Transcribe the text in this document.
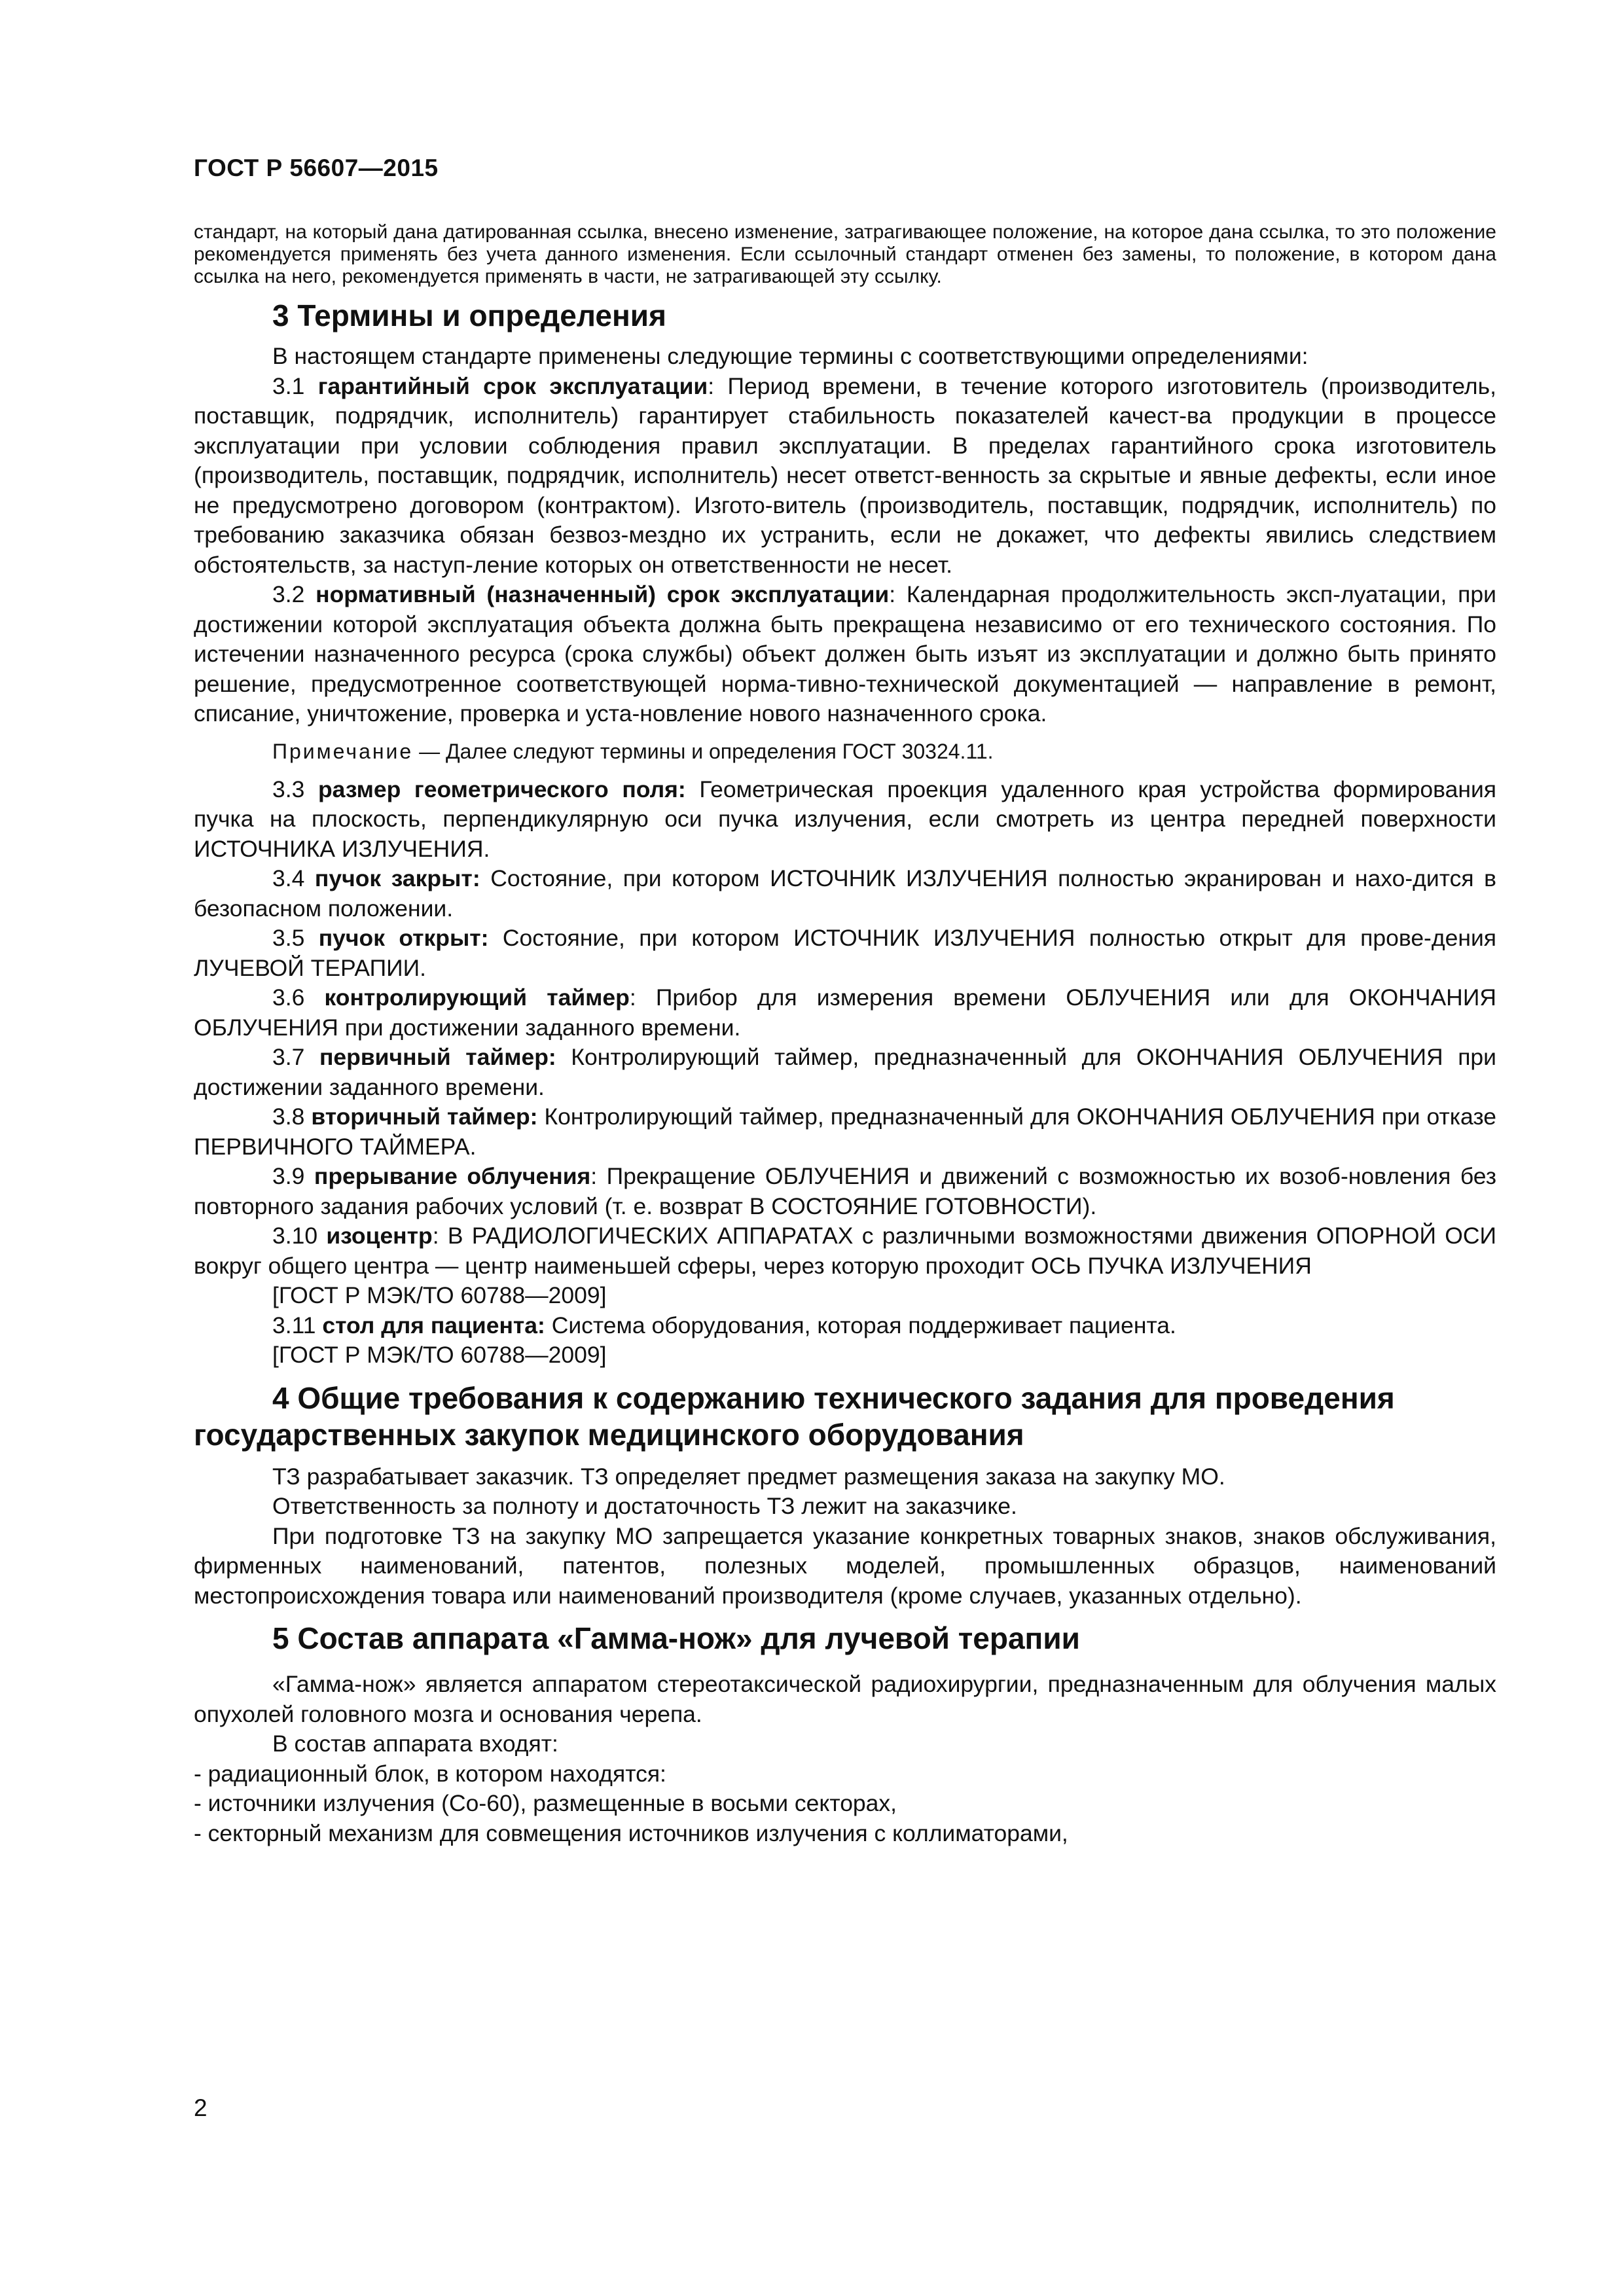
ГОСТ Р 56607—2015

стандарт, на который дана датированная ссылка, внесено изменение, затрагивающее положение, на которое дана ссылка, то это положение рекомендуется применять без учета данного изменения. Если ссылочный стандарт отменен без замены, то положение, в котором дана ссылка на него, рекомендуется применять в части, не затрагивающей эту ссылку.

3 Термины и определения

В настоящем стандарте применены следующие термины с соответствующими определениями:

3.1 гарантийный срок эксплуатации: Период времени, в течение которого изготовитель (производитель, поставщик, подрядчик, исполнитель) гарантирует стабильность показателей качест-ва продукции в процессе эксплуатации при условии соблюдения правил эксплуатации. В пределах гарантийного срока изготовитель (производитель, поставщик, подрядчик, исполнитель) несет ответст-венность за скрытые и явные дефекты, если иное не предусмотрено договором (контрактом). Изгото-витель (производитель, поставщик, подрядчик, исполнитель) по требованию заказчика обязан безвоз-мездно их устранить, если не докажет, что дефекты явились следствием обстоятельств, за наступ-ление которых он ответственности не несет.

3.2 нормативный (назначенный) срок эксплуатации: Календарная продолжительность эксп-луатации, при достижении которой эксплуатация объекта должна быть прекращена независимо от его технического состояния. По истечении назначенного ресурса (срока службы) объект должен быть изъят из эксплуатации и должно быть принято решение, предусмотренное соответствующей норма-тивно-технической документацией — направление в ремонт, списание, уничтожение, проверка и уста-новление нового назначенного срока.

Примечание — Далее следуют термины и определения ГОСТ 30324.11.

3.3 размер геометрического поля: Геометрическая проекция удаленного края устройства формирования пучка на плоскость, перпендикулярную оси пучка излучения, если смотреть из центра передней поверхности ИСТОЧНИКА ИЗЛУЧЕНИЯ.

3.4 пучок закрыт: Состояние, при котором ИСТОЧНИК ИЗЛУЧЕНИЯ полностью экранирован и нахо-дится в безопасном положении.

3.5 пучок открыт: Состояние, при котором ИСТОЧНИК ИЗЛУЧЕНИЯ полностью открыт для прове-дения ЛУЧЕВОЙ ТЕРАПИИ.

3.6 контролирующий таймер: Прибор для измерения времени ОБЛУЧЕНИЯ или для ОКОНЧАНИЯ ОБЛУЧЕНИЯ при достижении заданного времени.

3.7 первичный таймер: Контролирующий таймер, предназначенный для ОКОНЧАНИЯ ОБЛУЧЕНИЯ при достижении заданного времени.

3.8 вторичный таймер: Контролирующий таймер, предназначенный для ОКОНЧАНИЯ ОБЛУЧЕНИЯ при отказе ПЕРВИЧНОГО ТАЙМЕРА.

3.9 прерывание облучения: Прекращение ОБЛУЧЕНИЯ и движений с возможностью их возоб-новления без повторного задания рабочих условий (т. е. возврат В СОСТОЯНИЕ ГОТОВНОСТИ).

3.10 изоцентр: В РАДИОЛОГИЧЕСКИХ АППАРАТАХ с различными возможностями движения ОПОРНОЙ ОСИ вокруг общего центра — центр наименьшей сферы, через которую проходит ОСЬ ПУЧКА ИЗЛУЧЕНИЯ

[ГОСТ Р МЭК/ТО 60788—2009]

3.11 стол для пациента: Система оборудования, которая поддерживает пациента.

[ГОСТ Р МЭК/ТО 60788—2009]

4 Общие требования к содержанию технического задания для проведения государственных закупок медицинского оборудования

ТЗ разрабатывает заказчик. ТЗ определяет предмет размещения заказа на закупку МО.

Ответственность за полноту и достаточность ТЗ лежит на заказчике.

При подготовке ТЗ на закупку МО запрещается указание конкретных товарных знаков, знаков обслуживания, фирменных наименований, патентов, полезных моделей, промышленных образцов, наименований местопроисхождения товара или наименований производителя (кроме случаев, указанных отдельно).

5 Состав аппарата «Гамма-нож» для лучевой терапии

«Гамма-нож» является аппаратом стереотаксической радиохирургии, предназначенным для облучения малых опухолей головного мозга и основания черепа.

В состав аппарата входят:

- радиационный блок, в котором находятся:

- источники излучения (Co-60), размещенные в восьми секторах,

- секторный механизм для совмещения источников излучения с коллиматорами,

2
